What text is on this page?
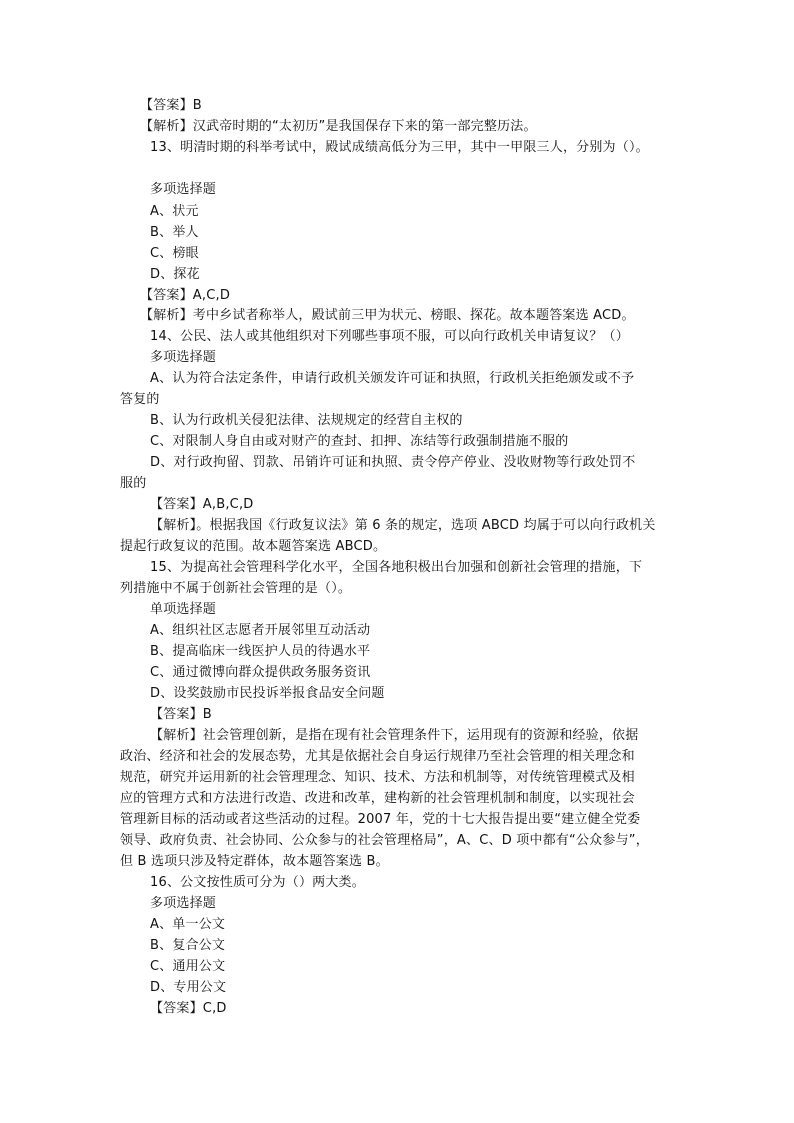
【答案】B
【解析】汉武帝时期的“太初历”是我国保存下来的第一部完整历法。
13、明清时期的科举考试中，殿试成绩高低分为三甲，其中一甲限三人，分别为（）。
多项选择题
A、状元
B、举人
C、榜眼
D、探花
【答案】A,C,D
【解析】考中乡试者称举人，殿试前三甲为状元、榜眼、探花。故本题答案选 ACD。
14、公民、法人或其他组织对下列哪些事项不服，可以向行政机关申请复议？（）
多项选择题
A、认为符合法定条件，申请行政机关颁发许可证和执照，行政机关拒绝颁发或不予
答复的
B、认为行政机关侵犯法律、法规规定的经营自主权的
C、对限制人身自由或对财产的查封、扣押、冻结等行政强制措施不服的
D、对行政拘留、罚款、吊销许可证和执照、责令停产停业、没收财物等行政处罚不
服的
【答案】A,B,C,D
【解析】。根据我国《行政复议法》第 6 条的规定，选项 ABCD 均属于可以向行政机关
提起行政复议的范围。故本题答案选 ABCD。
15、为提高社会管理科学化水平，全国各地积极出台加强和创新社会管理的措施，下
列措施中不属于创新社会管理的是（）。
单项选择题
A、组织社区志愿者开展邻里互动活动
B、提高临床一线医护人员的待遇水平
C、通过微博向群众提供政务服务资讯
D、设奖鼓励市民投诉举报食品安全问题
【答案】B
【解析】社会管理创新，是指在现有社会管理条件下，运用现有的资源和经验，依据
政治、经济和社会的发展态势，尤其是依据社会自身运行规律乃至社会管理的相关理念和
规范，研究并运用新的社会管理理念、知识、技术、方法和机制等，对传统管理模式及相
应的管理方式和方法进行改造、改进和改革，建构新的社会管理机制和制度，以实现社会
管理新目标的活动或者这些活动的过程。2007 年，党的十七大报告提出要“建立健全党委
领导、政府负责、社会协同、公众参与的社会管理格局”，A、C、D 项中都有“公众参与”，
但 B 选项只涉及特定群体，故本题答案选 B。
16、公文按性质可分为（）两大类。
多项选择题
A、单一公文
B、复合公文
C、通用公文
D、专用公文
【答案】C,D
